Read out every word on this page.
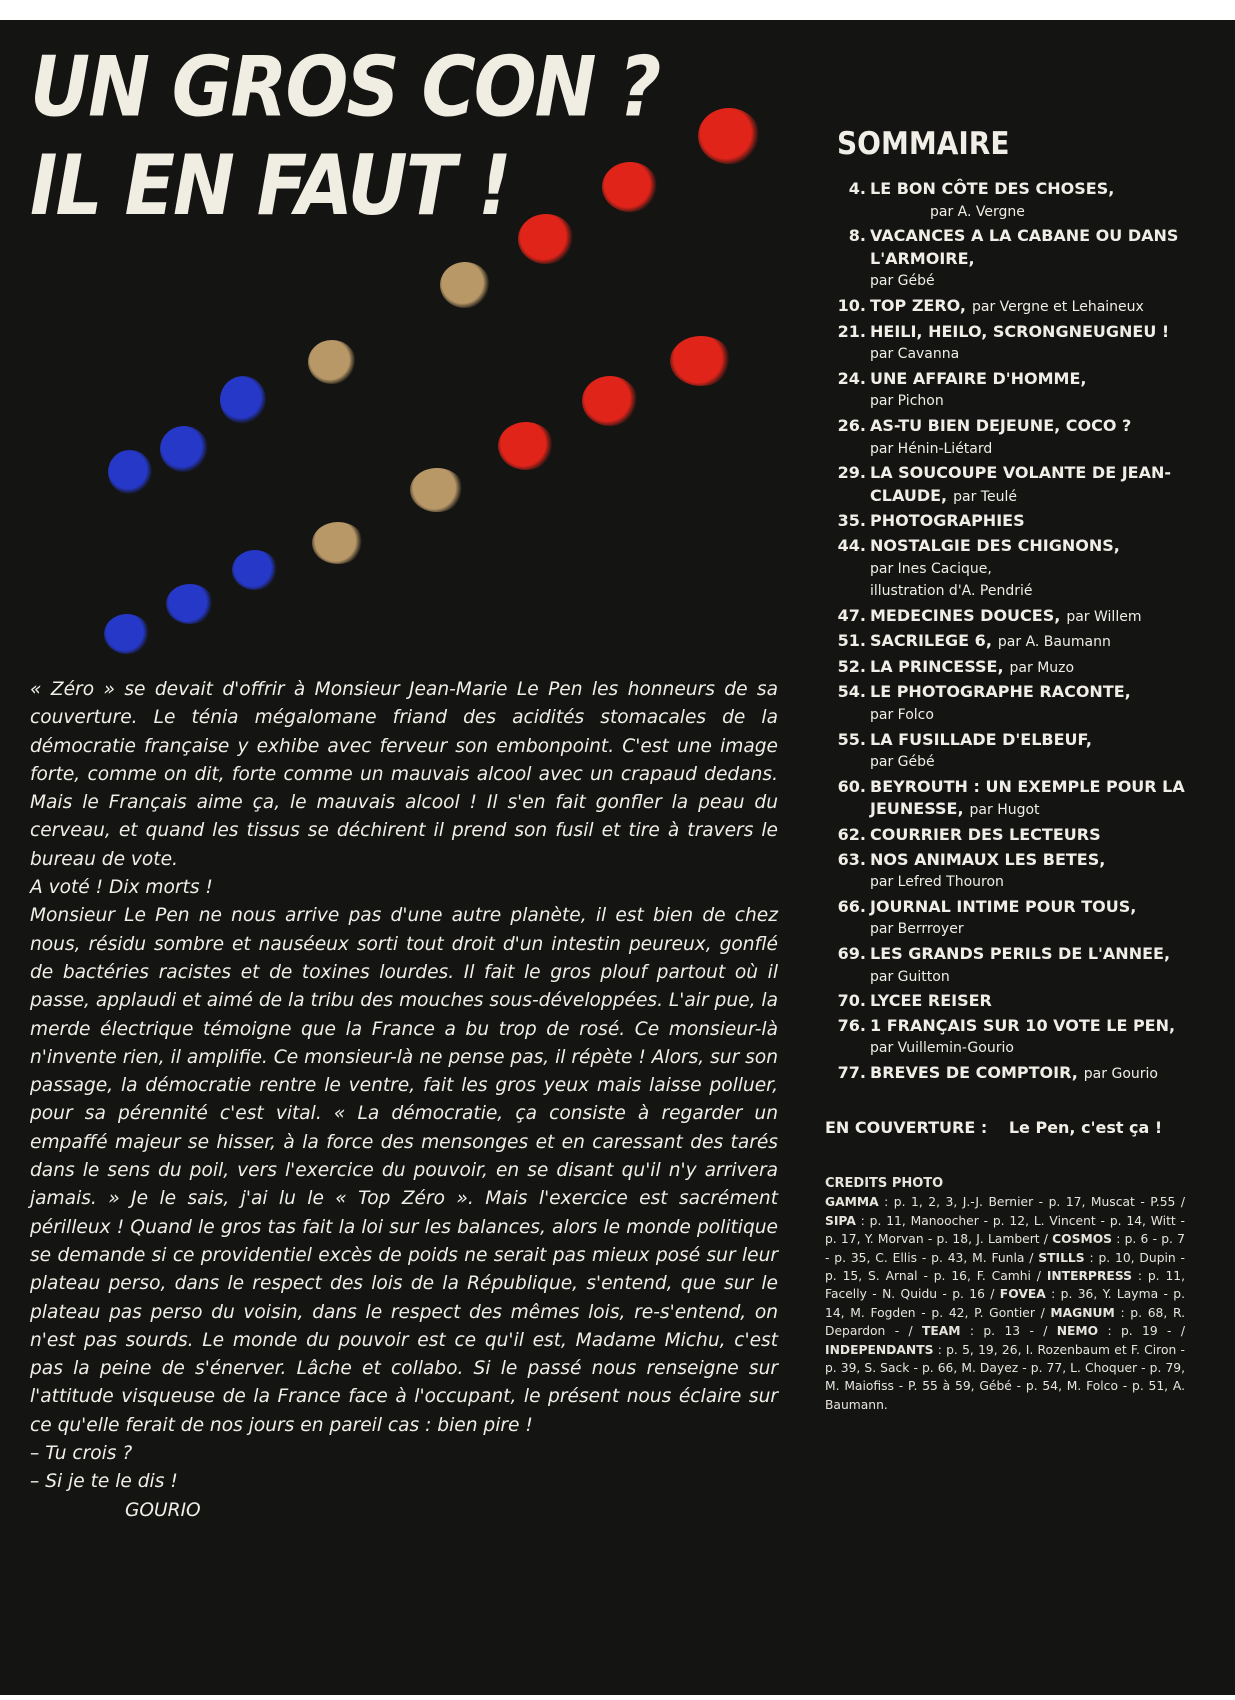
UN GROS CON ?
IL EN FAUT !

« Zéro » se devait d'offrir à Monsieur Jean-Marie Le Pen les honneurs de sa couverture. Le ténia mégalomane friand des acidités stomacales de la démocratie française y exhibe avec ferveur son embonpoint. C'est une image forte, comme on dit, forte comme un mauvais alcool avec un crapaud dedans. Mais le Français aime ça, le mauvais alcool ! Il s'en fait gonfler la peau du cerveau, et quand les tissus se déchirent il prend son fusil et tire à travers le bureau de vote.

A voté ! Dix morts !

Monsieur Le Pen ne nous arrive pas d'une autre planète, il est bien de chez nous, résidu sombre et nauséeux sorti tout droit d'un intestin peureux, gonflé de bactéries racistes et de toxines lourdes. Il fait le gros plouf partout où il passe, applaudi et aimé de la tribu des mouches sous-développées. L'air pue, la merde électrique témoigne que la France a bu trop de rosé. Ce monsieur-là n'invente rien, il amplifie. Ce monsieur-là ne pense pas, il répète ! Alors, sur son passage, la démocratie rentre le ventre, fait les gros yeux mais laisse polluer, pour sa pérennité c'est vital. « La démocratie, ça consiste à regarder un empaffé majeur se hisser, à la force des mensonges et en caressant des tarés dans le sens du poil, vers l'exercice du pouvoir, en se disant qu'il n'y arrivera jamais. » Je le sais, j'ai lu le « Top Zéro ». Mais l'exercice est sacrément périlleux ! Quand le gros tas fait la loi sur les balances, alors le monde politique se demande si ce providentiel excès de poids ne serait pas mieux posé sur leur plateau perso, dans le respect des lois de la République, s'entend, que sur le plateau pas perso du voisin, dans le respect des mêmes lois, re-s'entend, on n'est pas sourds. Le monde du pouvoir est ce qu'il est, Madame Michu, c'est pas la peine de s'énerver. Lâche et collabo. Si le passé nous renseigne sur l'attitude visqueuse de la France face à l'occupant, le présent nous éclaire sur ce qu'elle ferait de nos jours en pareil cas : bien pire !

– Tu crois ?

– Si je te le dis !

GOURIO

SOMMAIRE
4. LE BON CÔTE DES CHOSES,
par A. Vergne
8. VACANCES A LA CABANE OU DANS L'ARMOIRE,
par Gébé
10. TOP ZERO, par Vergne et Lehaineux
21. HEILI, HEILO, SCRONGNEUGNEU !
par Cavanna
24. UNE AFFAIRE D'HOMME,
par Pichon
26. AS-TU BIEN DEJEUNE, COCO ?
par Hénin-Liétard
29. LA SOUCOUPE VOLANTE DE JEAN-CLAUDE, par Teulé
35. PHOTOGRAPHIES
44. NOSTALGIE DES CHIGNONS,
par Ines Cacique,
illustration d'A. Pendrié
47. MEDECINES DOUCES, par Willem
51. SACRILEGE 6, par A. Baumann
52. LA PRINCESSE, par Muzo
54. LE PHOTOGRAPHE RACONTE,
par Folco
55. LA FUSILLADE D'ELBEUF,
par Gébé
60. BEYROUTH : UN EXEMPLE POUR LA JEUNESSE, par Hugot
62. COURRIER DES LECTEURS
63. NOS ANIMAUX LES BETES,
par Lefred Thouron
66. JOURNAL INTIME POUR TOUS,
par Berrroyer
69. LES GRANDS PERILS DE L'ANNEE,
par Guitton
70. LYCEE REISER
76. 1 FRANÇAIS SUR 10 VOTE LE PEN,
par Vuillemin-Gourio
77. BREVES DE COMPTOIR, par Gourio
EN COUVERTURE : Le Pen, c'est ça !
CREDITS PHOTO
GAMMA : p. 1, 2, 3, J.-J. Bernier - p. 17, Muscat - P.55 / SIPA : p. 11, Manoocher - p. 12, L. Vincent - p. 14, Witt - p. 17, Y. Morvan - p. 18, J. Lambert / COSMOS : p. 6 - p. 7 - p. 35, C. Ellis - p. 43, M. Funla / STILLS : p. 10, Dupin - p. 15, S. Arnal - p. 16, F. Camhi / INTERPRESS : p. 11, Facelly - N. Quidu - p. 16 / FOVEA : p. 36, Y. Layma - p. 14, M. Fogden - p. 42, P. Gontier / MAGNUM : p. 68, R. Depardon - / TEAM : p. 13 - / NEMO : p. 19 - / INDEPENDANTS : p. 5, 19, 26, I. Rozenbaum et F. Ciron - p. 39, S. Sack - p. 66, M. Dayez - p. 77, L. Choquer - p. 79, M. Maiofiss - P. 55 à 59, Gébé - p. 54, M. Folco - p. 51, A. Baumann.
